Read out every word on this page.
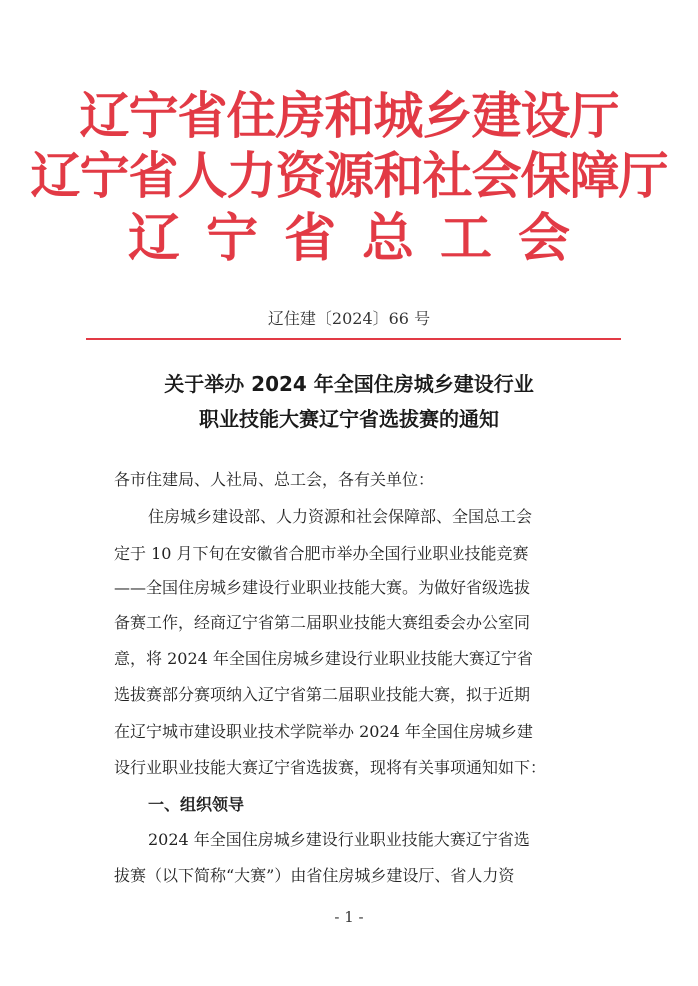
辽宁省住房和城乡建设厅
辽宁省人力资源和社会保障厅
辽宁省总工会
辽住建〔2024〕66 号
关于举办 2024 年全国住房城乡建设行业
职业技能大赛辽宁省选拔赛的通知
各市住建局、人社局、总工会，各有关单位：
住房城乡建设部、人力资源和社会保障部、全国总工会
定于 10 月下旬在安徽省合肥市举办全国行业职业技能竞赛
——全国住房城乡建设行业职业技能大赛。为做好省级选拔
备赛工作，经商辽宁省第二届职业技能大赛组委会办公室同
意，将 2024 年全国住房城乡建设行业职业技能大赛辽宁省
选拔赛部分赛项纳入辽宁省第二届职业技能大赛，拟于近期
在辽宁城市建设职业技术学院举办 2024 年全国住房城乡建
设行业职业技能大赛辽宁省选拔赛，现将有关事项通知如下：
一、组织领导
2024 年全国住房城乡建设行业职业技能大赛辽宁省选
拔赛（以下简称“大赛”）由省住房城乡建设厅、省人力资
- 1 -
